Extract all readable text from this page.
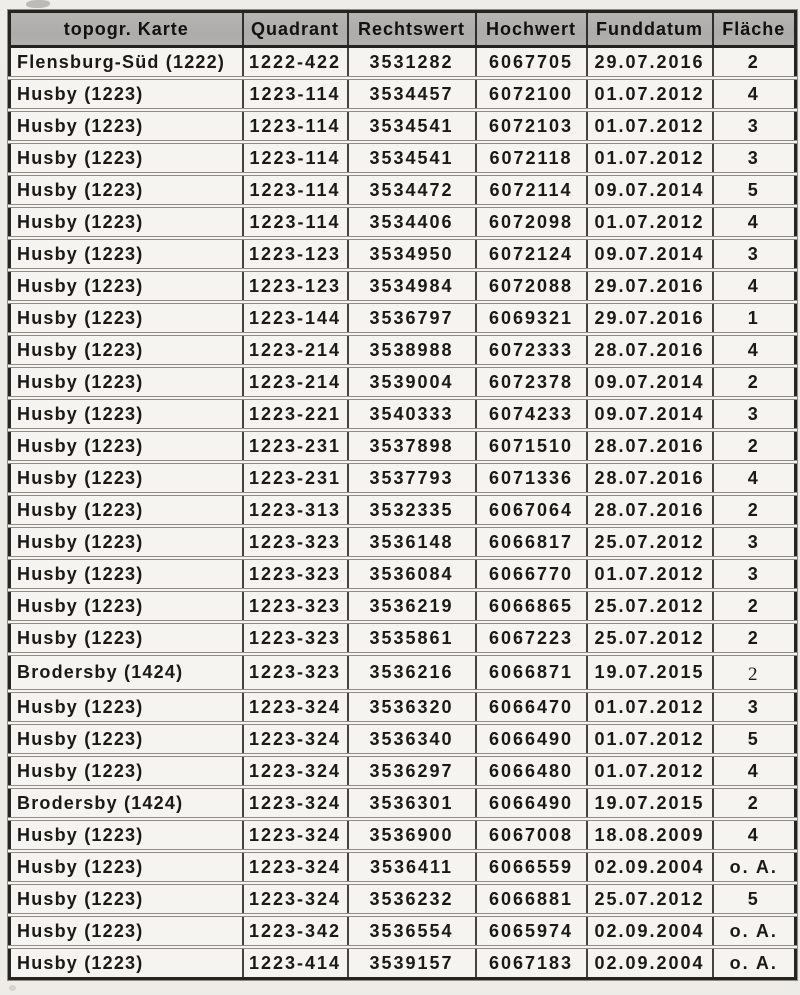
topogr. Karte	Quadrant	Rechtswert	Hochwert	Funddatum	Fläche
Flensburg-Süd (1222)	1222-422	3531282	6067705	29.07.2016	2
Husby (1223)	1223-114	3534457	6072100	01.07.2012	4
Husby (1223)	1223-114	3534541	6072103	01.07.2012	3
Husby (1223)	1223-114	3534541	6072118	01.07.2012	3
Husby (1223)	1223-114	3534472	6072114	09.07.2014	5
Husby (1223)	1223-114	3534406	6072098	01.07.2012	4
Husby (1223)	1223-123	3534950	6072124	09.07.2014	3
Husby (1223)	1223-123	3534984	6072088	29.07.2016	4
Husby (1223)	1223-144	3536797	6069321	29.07.2016	1
Husby (1223)	1223-214	3538988	6072333	28.07.2016	4
Husby (1223)	1223-214	3539004	6072378	09.07.2014	2
Husby (1223)	1223-221	3540333	6074233	09.07.2014	3
Husby (1223)	1223-231	3537898	6071510	28.07.2016	2
Husby (1223)	1223-231	3537793	6071336	28.07.2016	4
Husby (1223)	1223-313	3532335	6067064	28.07.2016	2
Husby (1223)	1223-323	3536148	6066817	25.07.2012	3
Husby (1223)	1223-323	3536084	6066770	01.07.2012	3
Husby (1223)	1223-323	3536219	6066865	25.07.2012	2
Husby (1223)	1223-323	3535861	6067223	25.07.2012	2
Brodersby (1424)	1223-323	3536216	6066871	19.07.2015	2
Husby (1223)	1223-324	3536320	6066470	01.07.2012	3
Husby (1223)	1223-324	3536340	6066490	01.07.2012	5
Husby (1223)	1223-324	3536297	6066480	01.07.2012	4
Brodersby (1424)	1223-324	3536301	6066490	19.07.2015	2
Husby (1223)	1223-324	3536900	6067008	18.08.2009	4
Husby (1223)	1223-324	3536411	6066559	02.09.2004	o. A.
Husby (1223)	1223-324	3536232	6066881	25.07.2012	5
Husby (1223)	1223-342	3536554	6065974	02.09.2004	o. A.
Husby (1223)	1223-414	3539157	6067183	02.09.2004	o. A.
